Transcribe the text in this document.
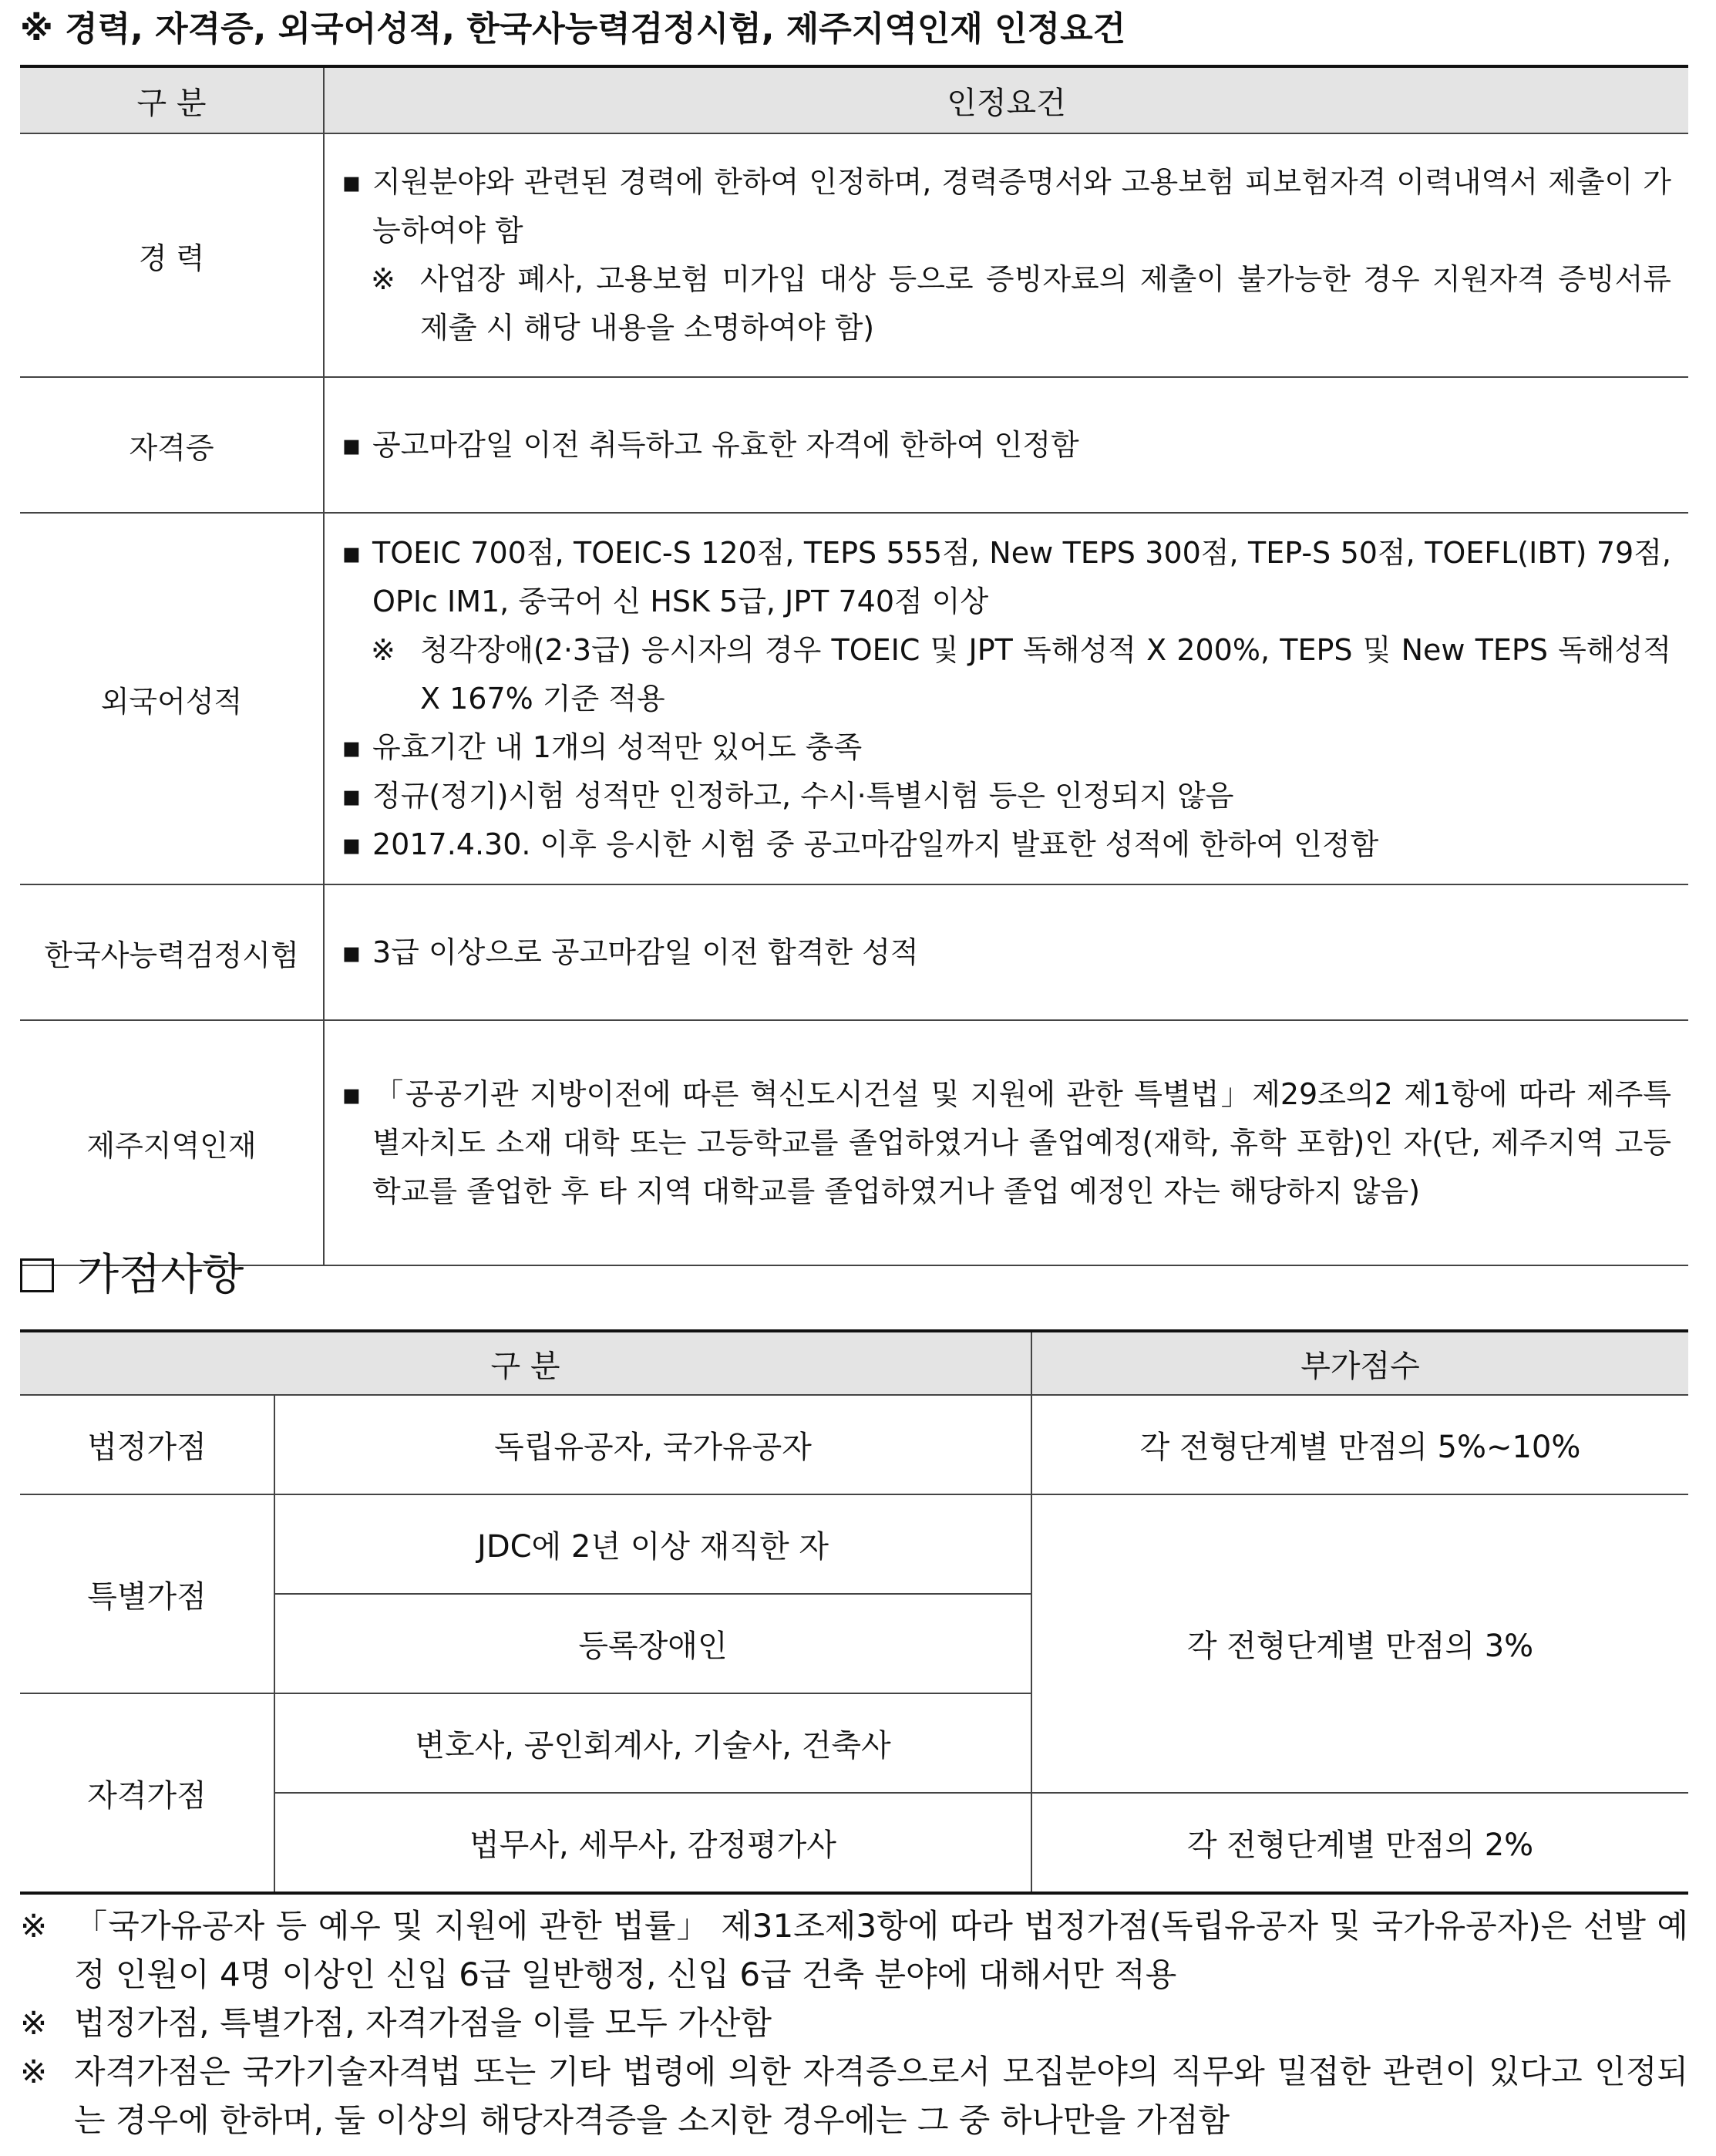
※ 경력, 자격증, 외국어성적, 한국사능력검정시험, 제주지역인재 인정요건
구 분	인정요건
경 력	▪ 지원분야와 관련된 경력에 한하여 인정하며, 경력증명서와 고용보험 피보험자격 이력내역서 제출이 가능하여야 함
※ 사업장 폐사, 고용보험 미가입 대상 등으로 증빙자료의 제출이 불가능한 경우 지원자격 증빙서류 제출 시 해당 내용을 소명하여야 함)

자격증	▪ 공고마감일 이전 취득하고 유효한 자격에 한하여 인정함

외국어성적	▪ TOEIC 700점, TOEIC-S 120점, TEPS 555점, New TEPS 300점, TEP-S 50점, TOEFL(IBT) 79점, OPIc IM1, 중국어 신 HSK 5급, JPT 740점 이상
※ 청각장애(2·3급) 응시자의 경우 TOEIC 및 JPT 독해성적 X 200%, TEPS 및 New TEPS 독해성적 X 167% 기준 적용
▪ 유효기간 내 1개의 성적만 있어도 충족
▪ 정규(정기)시험 성적만 인정하고, 수시·특별시험 등은 인정되지 않음
▪ 2017.4.30. 이후 응시한 시험 중 공고마감일까지 발표한 성적에 한하여 인정함

한국사능력검정시험	▪ 3급 이상으로 공고마감일 이전 합격한 성적

제주지역인재	▪ 「공공기관 지방이전에 따른 혁신도시건설 및 지원에 관한 특별법」제29조의2 제1항에 따라 제주특별자치도 소재 대학 또는 고등학교를 졸업하였거나 졸업예정(재학, 휴학 포함)인 자(단, 제주지역 고등학교를 졸업한 후 타 지역 대학교를 졸업하였거나 졸업 예정인 자는 해당하지 않음)
가점사항
구 분		부가점수
법정가점	독립유공자, 국가유공자	각 전형단계별 만점의 5%~10%
특별가점	JDC에 2년 이상 재직한 자	각 전형단계별 만점의 3%
	등록장애인	
자격가점	변호사, 공인회계사, 기술사, 건축사	
	법무사, 세무사, 감정평가사	각 전형단계별 만점의 2%
※ 「국가유공자 등 예우 및 지원에 관한 법률」 제31조제3항에 따라 법정가점(독립유공자 및 국가유공자)은 선발 예정 인원이 4명 이상인 신입 6급 일반행정, 신입 6급 건축 분야에 대해서만 적용
※ 법정가점, 특별가점, 자격가점을 이를 모두 가산함
※ 자격가점은 국가기술자격법 또는 기타 법령에 의한 자격증으로서 모집분야의 직무와 밀접한 관련이 있다고 인정되는 경우에 한하며, 둘 이상의 해당자격증을 소지한 경우에는 그 중 하나만을 가점함
